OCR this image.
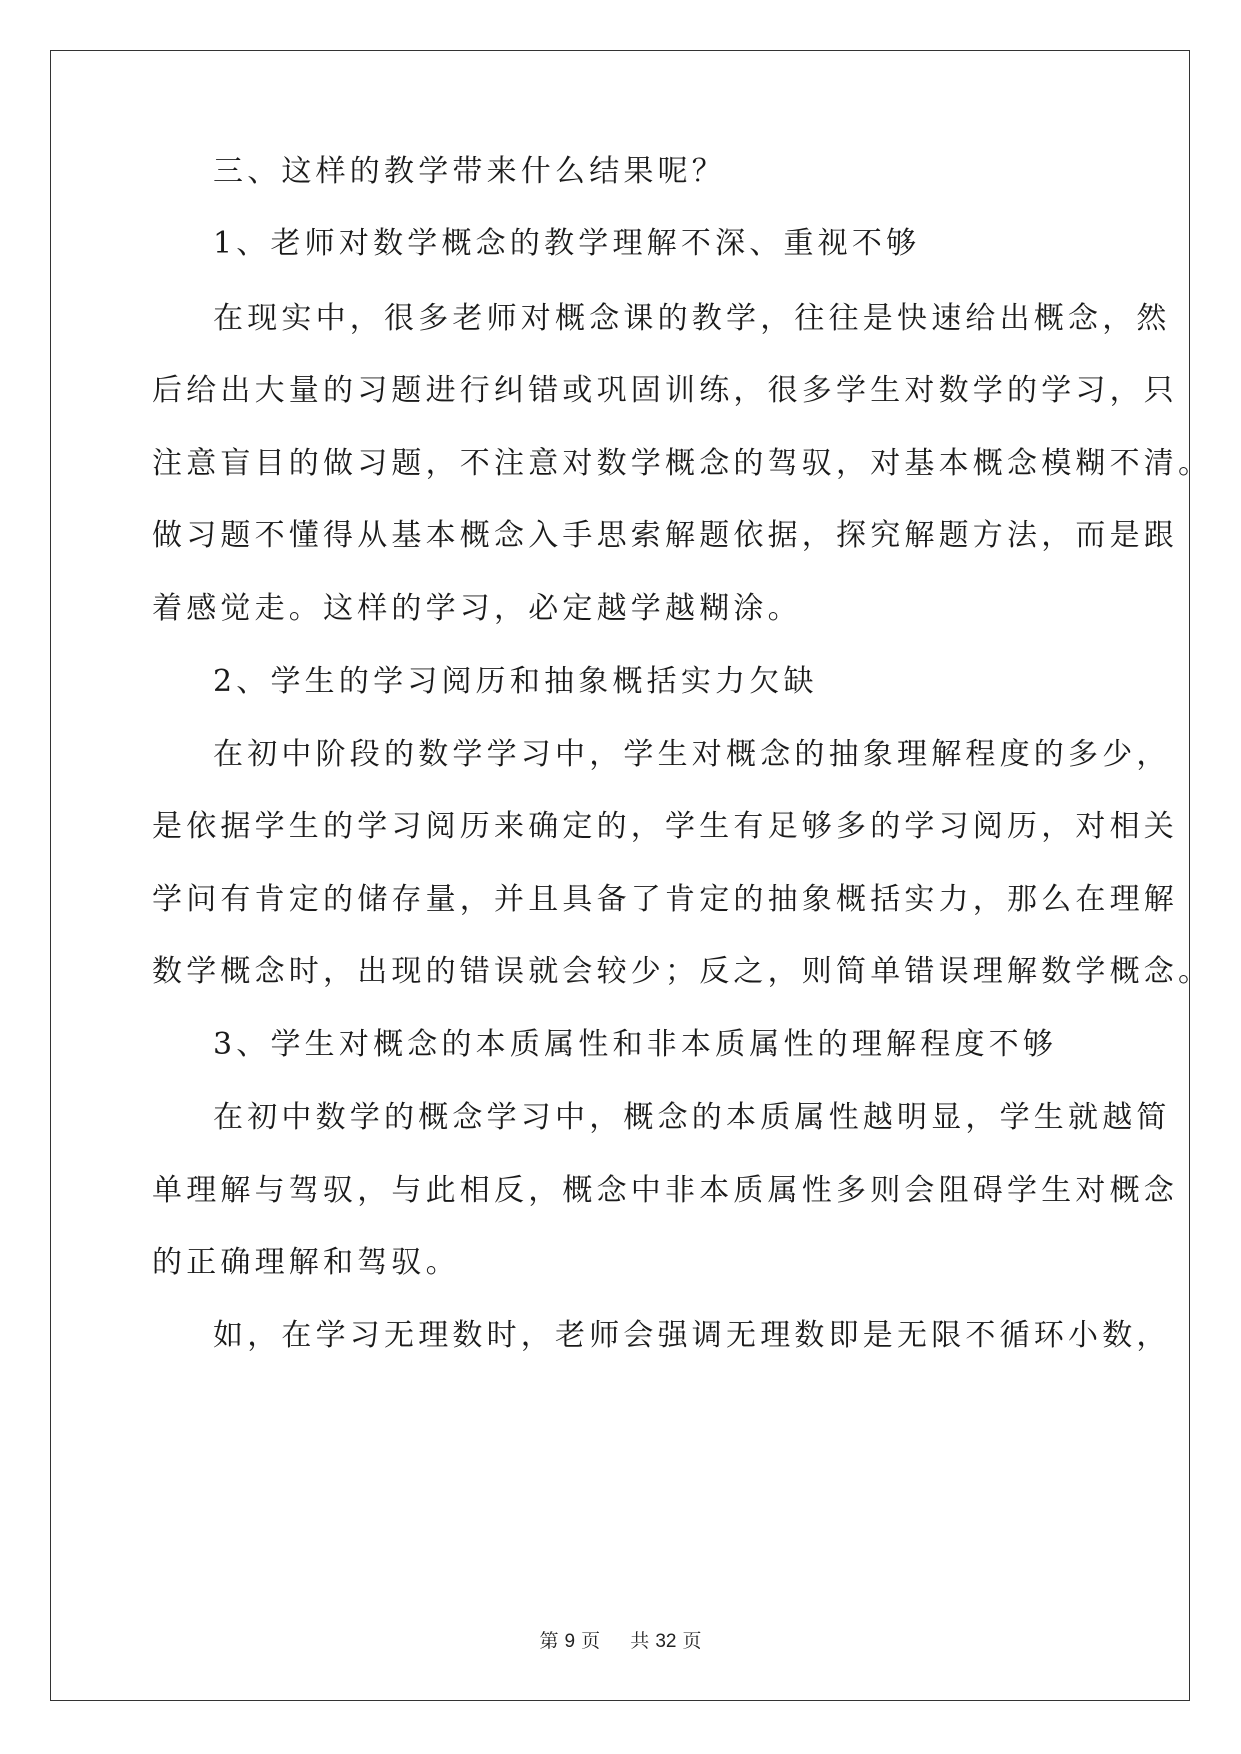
三、这样的教学带来什么结果呢？
1、老师对数学概念的教学理解不深、重视不够
在现实中，很多老师对概念课的教学，往往是快速给出概念，然
后给出大量的习题进行纠错或巩固训练，很多学生对数学的学习，只
注意盲目的做习题，不注意对数学概念的驾驭，对基本概念模糊不清。
做习题不懂得从基本概念入手思索解题依据，探究解题方法，而是跟
着感觉走。这样的学习，必定越学越糊涂。
2、学生的学习阅历和抽象概括实力欠缺
在初中阶段的数学学习中，学生对概念的抽象理解程度的多少，
是依据学生的学习阅历来确定的，学生有足够多的学习阅历，对相关
学问有肯定的储存量，并且具备了肯定的抽象概括实力，那么在理解
数学概念时，出现的错误就会较少；反之，则简单错误理解数学概念。
3、学生对概念的本质属性和非本质属性的理解程度不够
在初中数学的概念学习中，概念的本质属性越明显，学生就越简
单理解与驾驭，与此相反，概念中非本质属性多则会阻碍学生对概念
的正确理解和驾驭。
如，在学习无理数时，老师会强调无理数即是无限不循环小数，
第 9 页 共 32 页
